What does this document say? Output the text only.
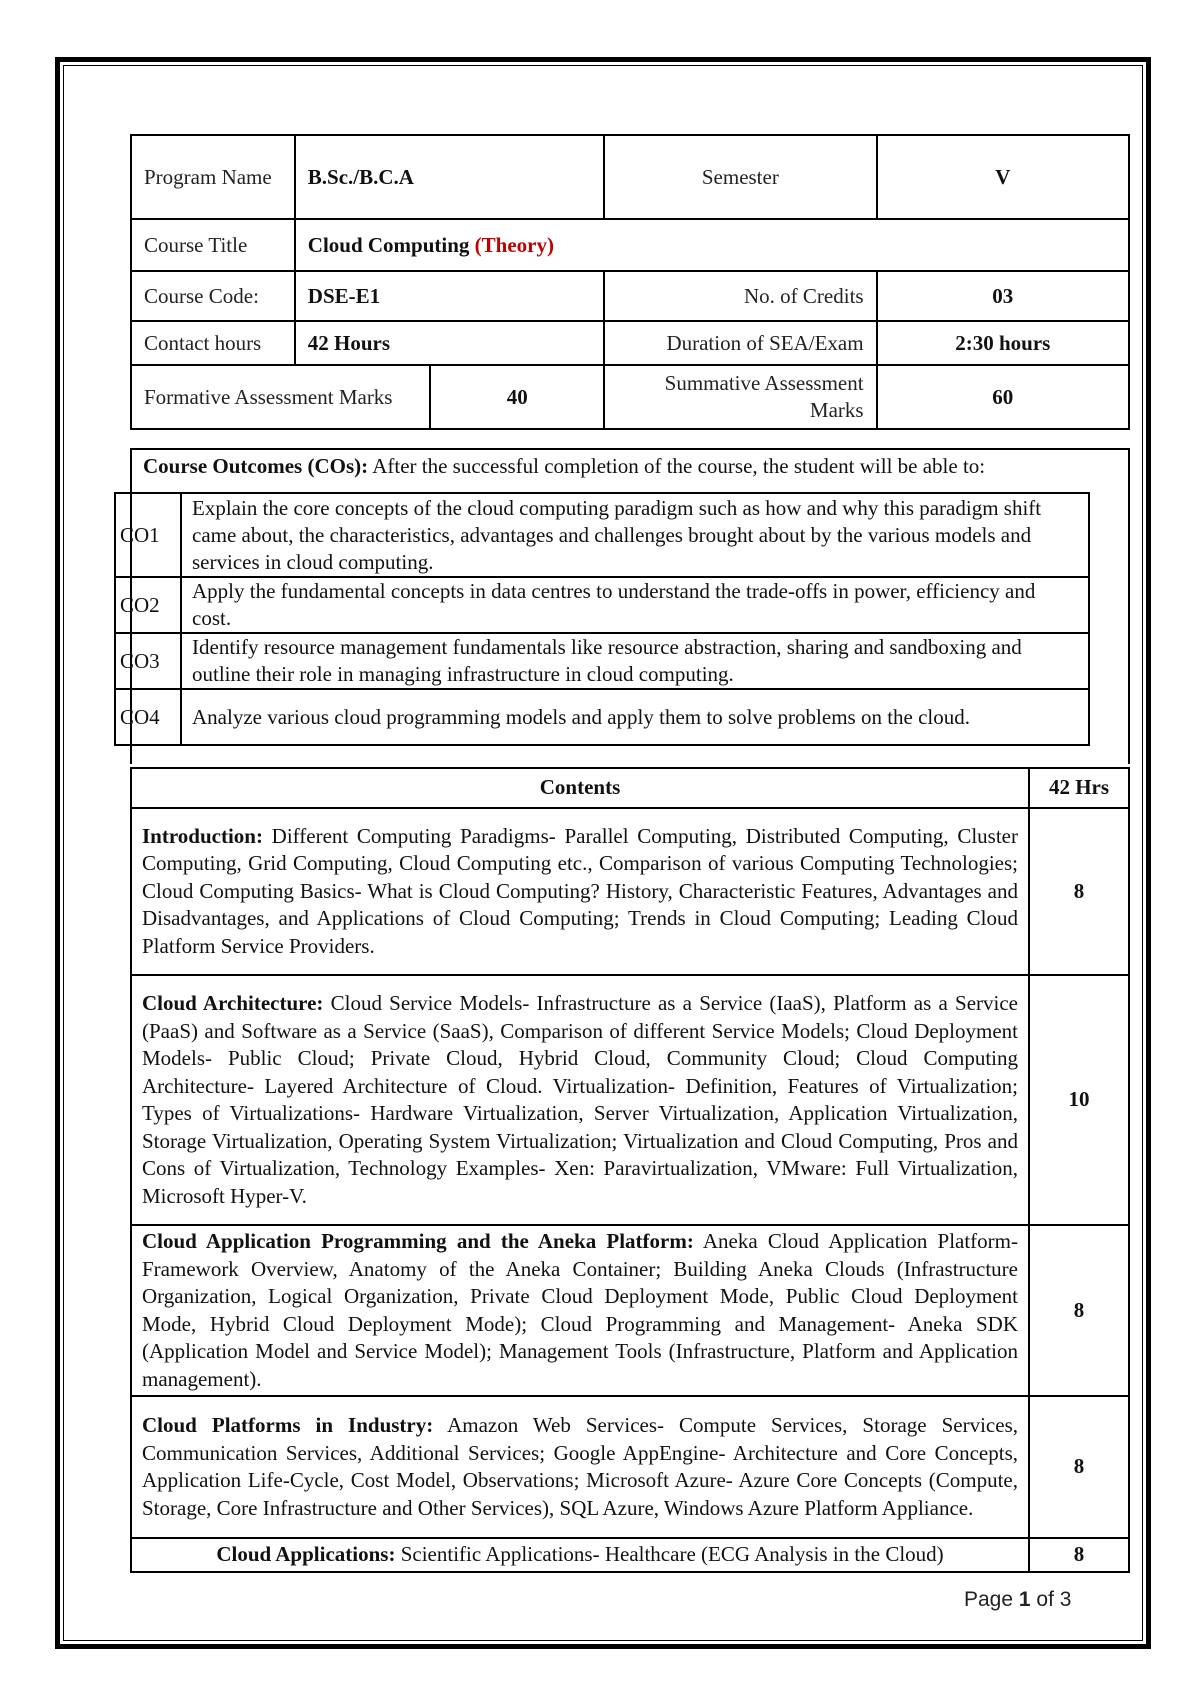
Program Name	B.Sc./B.C.A		Semester	V
Course Title	Cloud Computing (Theory)			
Course Code:	DSE-E1		No. of Credits	03
Contact hours	42 Hours		Duration of SEA/Exam	2:30 hours
Formative Assessment Marks		40	Summative Assessment Marks	60
Course Outcomes (COs): After the successful completion of the course, the student will be able to:
CO1	Explain the core concepts of the cloud computing paradigm such as how and why this paradigm shift came about, the characteristics, advantages and challenges brought about by the various models and services in cloud computing.
CO2	Apply the fundamental concepts in data centres to understand the trade-offs in power, efficiency and cost.
CO3	Identify resource management fundamentals like resource abstraction, sharing and sandboxing and outline their role in managing infrastructure in cloud computing.
CO4	Analyze various cloud programming models and apply them to solve problems on the cloud.
Contents	42 Hrs
Introduction: Different Computing Paradigms- Parallel Computing, Distributed Computing, Cluster Computing, Grid Computing, Cloud Computing etc., Comparison of various Computing Technologies; Cloud Computing Basics- What is Cloud Computing? History, Characteristic Features, Advantages and Disadvantages, and Applications of Cloud Computing; Trends in Cloud Computing; Leading Cloud Platform Service Providers.	8
Cloud Architecture: Cloud Service Models- Infrastructure as a Service (IaaS), Platform as a Service (PaaS) and Software as a Service (SaaS), Comparison of different Service Models; Cloud Deployment Models- Public Cloud; Private Cloud, Hybrid Cloud, Community Cloud; Cloud Computing Architecture- Layered Architecture of Cloud. Virtualization- Definition, Features of Virtualization; Types of Virtualizations- Hardware Virtualization, Server Virtualization, Application Virtualization, Storage Virtualization, Operating System Virtualization; Virtualization and Cloud Computing, Pros and Cons of Virtualization, Technology Examples- Xen: Paravirtualization, VMware: Full Virtualization, Microsoft Hyper-V.	10
Cloud Application Programming and the Aneka Platform: Aneka Cloud Application Platform- Framework Overview, Anatomy of the Aneka Container; Building Aneka Clouds (Infrastructure Organization, Logical Organization, Private Cloud Deployment Mode, Public Cloud Deployment Mode, Hybrid Cloud Deployment Mode); Cloud Programming and Management- Aneka SDK (Application Model and Service Model); Management Tools (Infrastructure, Platform and Application management).	8
Cloud Platforms in Industry: Amazon Web Services- Compute Services, Storage Services, Communication Services, Additional Services; Google AppEngine- Architecture and Core Concepts, Application Life-Cycle, Cost Model, Observations; Microsoft Azure- Azure Core Concepts (Compute, Storage, Core Infrastructure and Other Services), SQL Azure, Windows Azure Platform Appliance.	8
Cloud Applications: Scientific Applications- Healthcare (ECG Analysis in the Cloud)	8
Page 1 of 3
